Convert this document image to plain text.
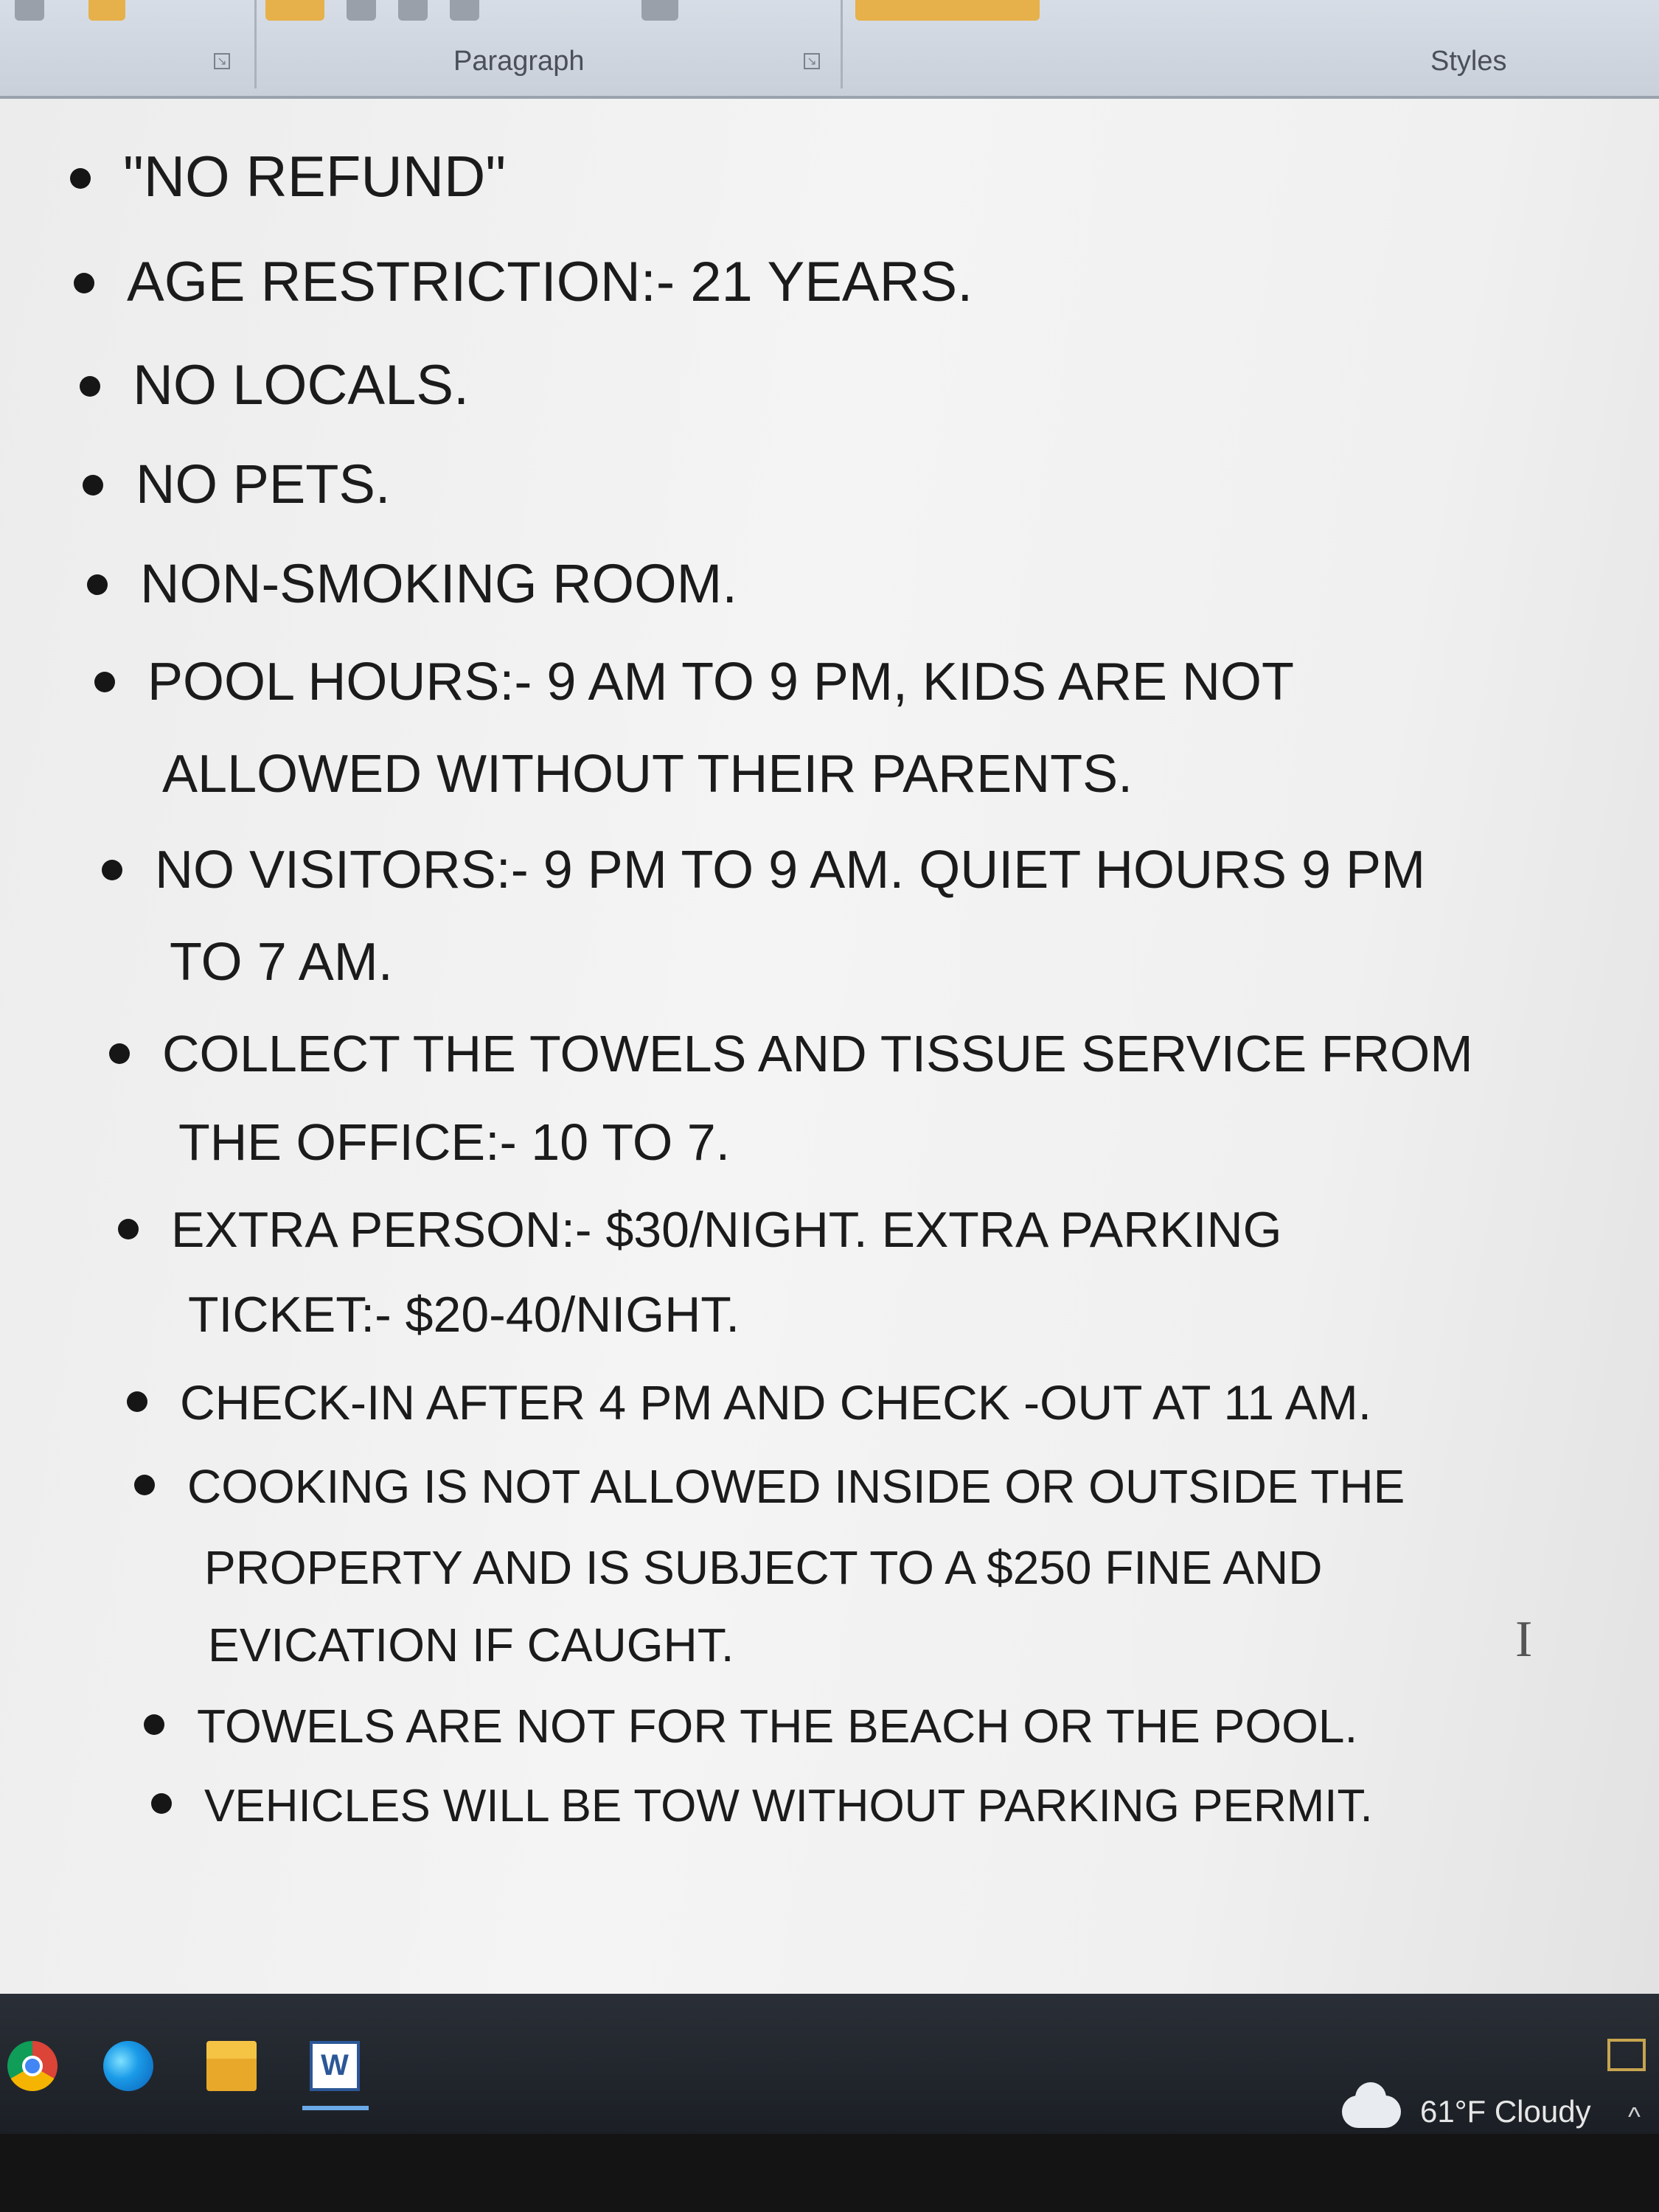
↘	Paragraph	↘	Styles
"NO REFUND"
AGE RESTRICTION:- 21 YEARS.
NO LOCALS.
NO PETS.
NON-SMOKING ROOM.
POOL HOURS:- 9 AM TO 9 PM, KIDS ARE NOT
ALLOWED WITHOUT THEIR PARENTS.
NO VISITORS:- 9 PM TO 9 AM. QUIET HOURS 9 PM
TO 7 AM.
COLLECT THE TOWELS AND TISSUE SERVICE FROM
THE OFFICE:- 10 TO 7.
EXTRA PERSON:- $30/NIGHT. EXTRA PARKING
TICKET:- $20-40/NIGHT.
CHECK-IN AFTER 4 PM AND CHECK -OUT AT 11 AM.
COOKING IS NOT ALLOWED INSIDE OR OUTSIDE THE
PROPERTY AND IS SUBJECT TO A $250 FINE AND
EVICATION IF CAUGHT.
TOWELS ARE NOT FOR THE BEACH OR THE POOL.
VEHICLES WILL BE TOW WITHOUT PARKING PERMIT.
I
W
61°F Cloudy ^
